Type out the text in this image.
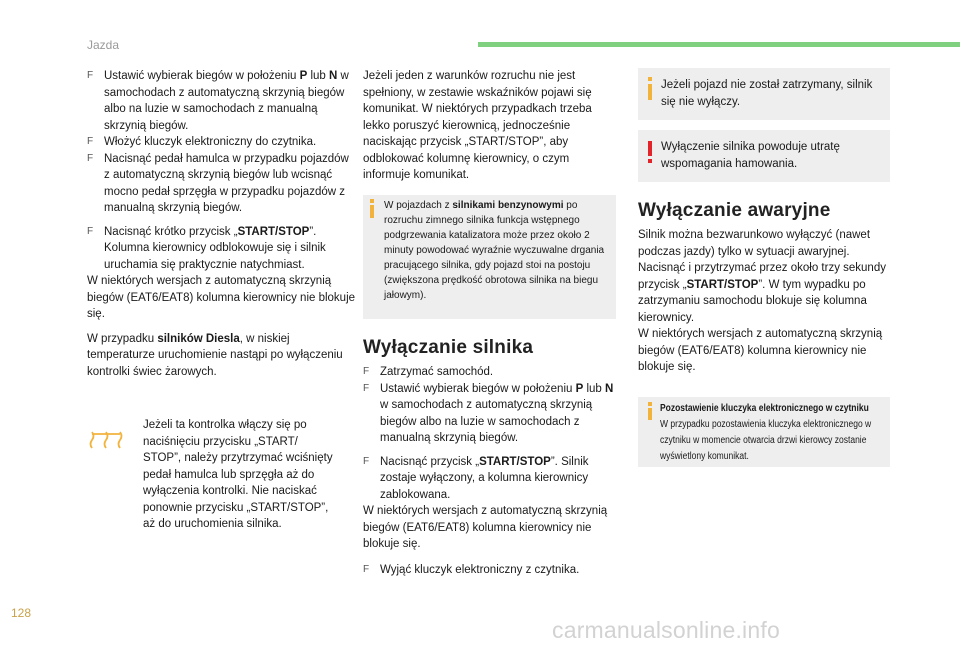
Jazda
F Ustawić wybierak biegów w położeniu P lub N w samochodach z automatyczną skrzynią biegów albo na luzie w samochodach z manualną skrzynią biegów.
F Włożyć kluczyk elektroniczny do czytnika.
F Nacisnąć pedał hamulca w przypadku pojazdów z automatyczną skrzynią biegów lub wcisnąć mocno pedał sprzęgła w przypadku pojazdów z manualną skrzynią biegów.
F Nacisnąć krótko przycisk „START/STOP”. Kolumna kierownicy odblokowuje się i silnik uruchamia się praktycznie natychmiast.

W niektórych wersjach z automatyczną skrzynią biegów (EAT6/EAT8) kolumna kierownicy nie blokuje się.

W przypadku silników Diesla, w niskiej temperaturze uruchomienie nastąpi po wyłączeniu kontrolki świec żarowych.

Jeżeli ta kontrolka włączy się po naciśnięciu przycisku „START/ STOP”, należy przytrzymać wciśnięty pedał hamulca lub sprzęgła aż do wyłączenia kontrolki. Nie naciskać ponownie przycisku „START/STOP”, aż do uruchomienia silnika.

Jeżeli jeden z warunków rozruchu nie jest spełniony, w zestawie wskaźników pojawi się komunikat. W niektórych przypadkach trzeba lekko poruszyć kierownicą, jednocześnie naciskając przycisk „START/STOP”, aby odblokować kolumnę kierownicy, o czym informuje komunikat.

W pojazdach z silnikami benzynowymi po rozruchu zimnego silnika funkcja wstępnego podgrzewania katalizatora może przez około 2 minuty powodować wyraźnie wyczuwalne drgania pracującego silnika, gdy pojazd stoi na postoju (zwiększona prędkość obrotowa silnika na biegu jałowym).
Wyłączanie silnika
F Zatrzymać samochód.
F Ustawić wybierak biegów w położeniu P lub N w samochodach z automatyczną skrzynią biegów albo na luzie w samochodach z manualną skrzynią biegów.
F Nacisnąć przycisk „START/STOP”. Silnik zostaje wyłączony, a kolumna kierownicy zablokowana.

W niektórych wersjach z automatyczną skrzynią biegów (EAT6/EAT8) kolumna kierownicy nie blokuje się.

F Wyjąć kluczyk elektroniczny z czytnika.
Jeżeli pojazd nie został zatrzymany, silnik się nie wyłączy.
Wyłączenie silnika powoduje utratę wspomagania hamowania.
Wyłączanie awaryjne

Silnik można bezwarunkowo wyłączyć (nawet podczas jazdy) tylko w sytuacji awaryjnej. Nacisnąć i przytrzymać przez około trzy sekundy przycisk „START/STOP”. W tym wypadku po zatrzymaniu samochodu blokuje się kolumna kierownicy.

W niektórych wersjach z automatyczną skrzynią biegów (EAT6/EAT8) kolumna kierownicy nie blokuje się.

Pozostawienie kluczyka elektronicznego w czytniku
W przypadku pozostawienia kluczyka elektronicznego w czytniku w momencie otwarcia drzwi kierowcy zostanie wyświetlony komunikat.
128
carmanualsonline.info
